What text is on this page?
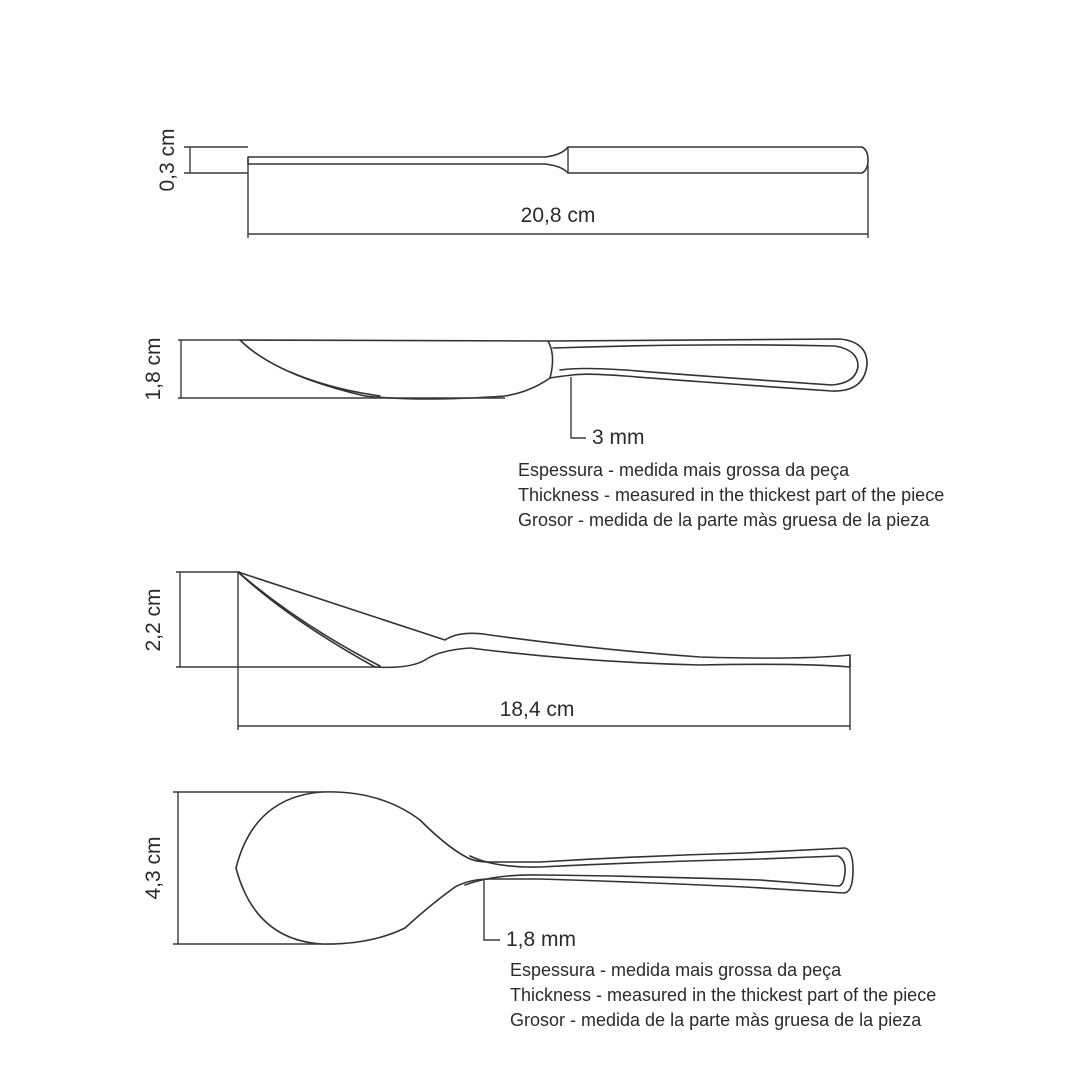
0,3 cm
20,8 cm
1,8 cm
2,2 cm
18,4 cm
4,3 cm
3 mm
Espessura - medida mais grossa da peça
Thickness - measured in the thickest part of the piece
Grosor - medida de la parte màs gruesa de la pieza
1,8 mm
Espessura - medida mais grossa da peça
Thickness - measured in the thickest part of the piece
Grosor - medida de la parte màs gruesa de la pieza
